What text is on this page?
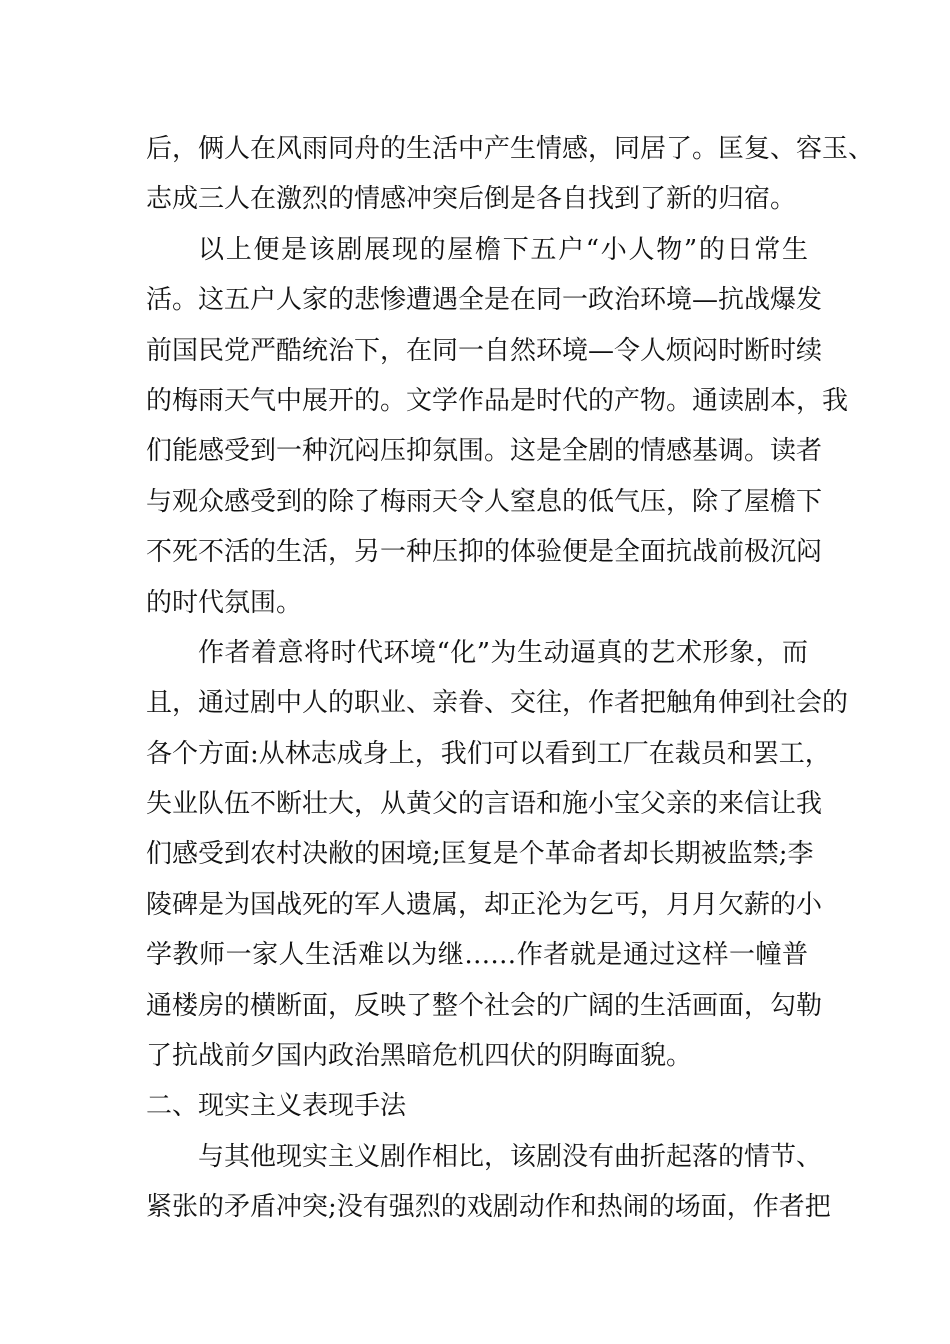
后，俩人在风雨同舟的生活中产生情感，同居了。匡复、容玉、
志成三人在激烈的情感冲突后倒是各自找到了新的归宿。
以上便是该剧展现的屋檐下五户“小人物”的日常生
活。这五户人家的悲惨遭遇全是在同一政治环境—抗战爆发
前国民党严酷统治下，在同一自然环境—令人烦闷时断时续
的梅雨天气中展开的。文学作品是时代的产物。通读剧本，我
们能感受到一种沉闷压抑氛围。这是全剧的情感基调。读者
与观众感受到的除了梅雨天令人窒息的低气压，除了屋檐下
不死不活的生活，另一种压抑的体验便是全面抗战前极沉闷
的时代氛围。
作者着意将时代环境“化”为生动逼真的艺术形象，而
且，通过剧中人的职业、亲眷、交往，作者把触角伸到社会的
各个方面:从林志成身上，我们可以看到工厂在裁员和罢工，
失业队伍不断壮大，从黄父的言语和施小宝父亲的来信让我
们感受到农村决敝的困境;匡复是个革命者却长期被监禁;李
陵碑是为国战死的军人遗属，却正沦为乞丐，月月欠薪的小
学教师一家人生活难以为继……作者就是通过这样一幢普
通楼房的横断面，反映了整个社会的广阔的生活画面，勾勒
了抗战前夕国内政治黑暗危机四伏的阴晦面貌。
二、现实主义表现手法
与其他现实主义剧作相比，该剧没有曲折起落的情节、
紧张的矛盾冲突;没有强烈的戏剧动作和热闹的场面，作者把
